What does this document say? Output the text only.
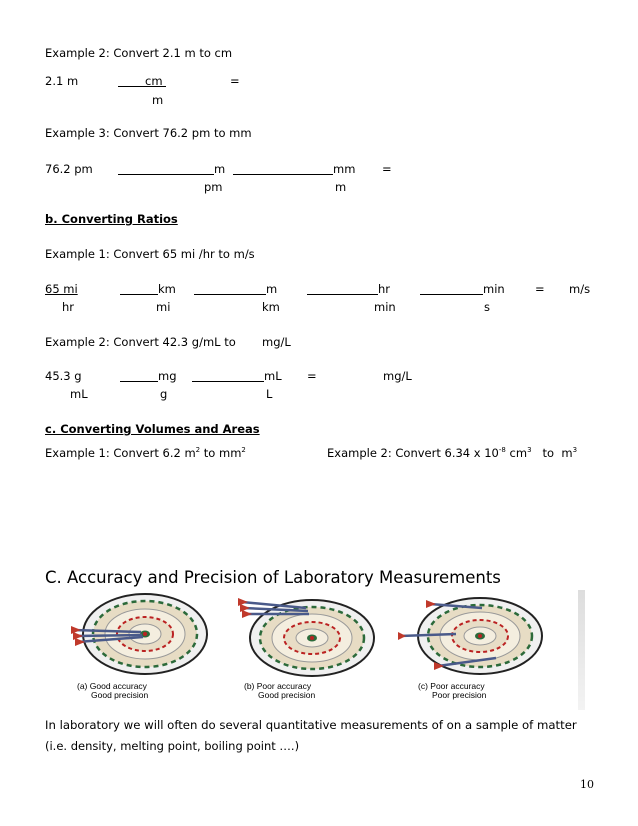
Example 2: Convert 2.1 m to cm
2.1 m	cm	=
m
Example 3: Convert 76.2 pm to mm
76.2 pm	m	mm =
pm	m
b. Converting Ratios
Example 1: Convert 65 mi /hr to m/s
65 mi	km	m	hr	min	= m/s
hr	mi	km	min	s
Example 2: Convert 42.3 g/mL to mg/L
45.3 g	mg	mL =	mg/L
mL	g	L
c. Converting Volumes and Areas
Example 1: Convert 6.2 $m^2$ to $mm^2$	Example 2: Convert 6.34 x $10^{-8}$ $cm^3$   to  $m^3$
C. Accuracy and Precision of Laboratory Measurements
(a) Good accuracy
Good precision
(b) Poor accuracy
Good precision
(c) Poor accuracy
Poor precision
In laboratory we will often do several quantitative measurements of on a sample of matter
(i.e. density, melting point, boiling point ….)
10
